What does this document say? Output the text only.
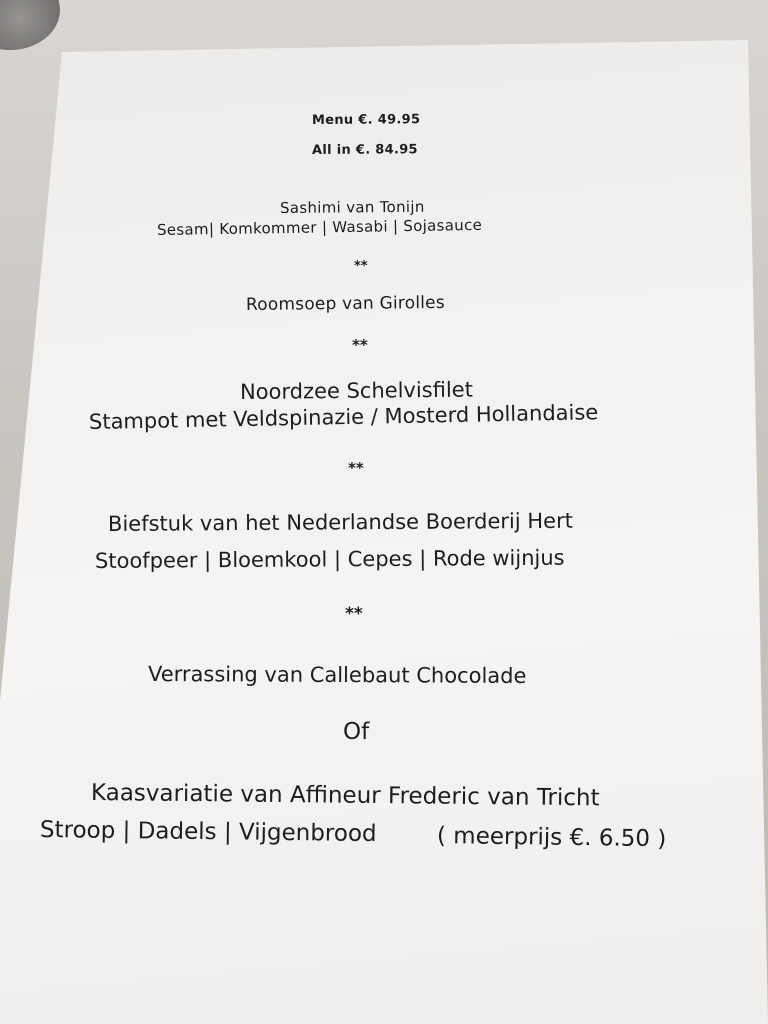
Menu €. 49.95
All in €. 84.95
Sashimi van Tonijn
Sesam| Komkommer | Wasabi | Sojasauce
**
Roomsoep van Girolles
**
Noordzee Schelvisfilet
Stampot met Veldspinazie / Mosterd Hollandaise
**
Biefstuk van het Nederlandse Boerderij Hert
Stoofpeer | Bloemkool | Cepes | Rode wijnjus
**
Verrassing van Callebaut Chocolade
Of
Kaasvariatie van Affineur Frederic van Tricht
Stroop | Dadels | Vijgenbrood	( meerprijs €. 6.50 )
